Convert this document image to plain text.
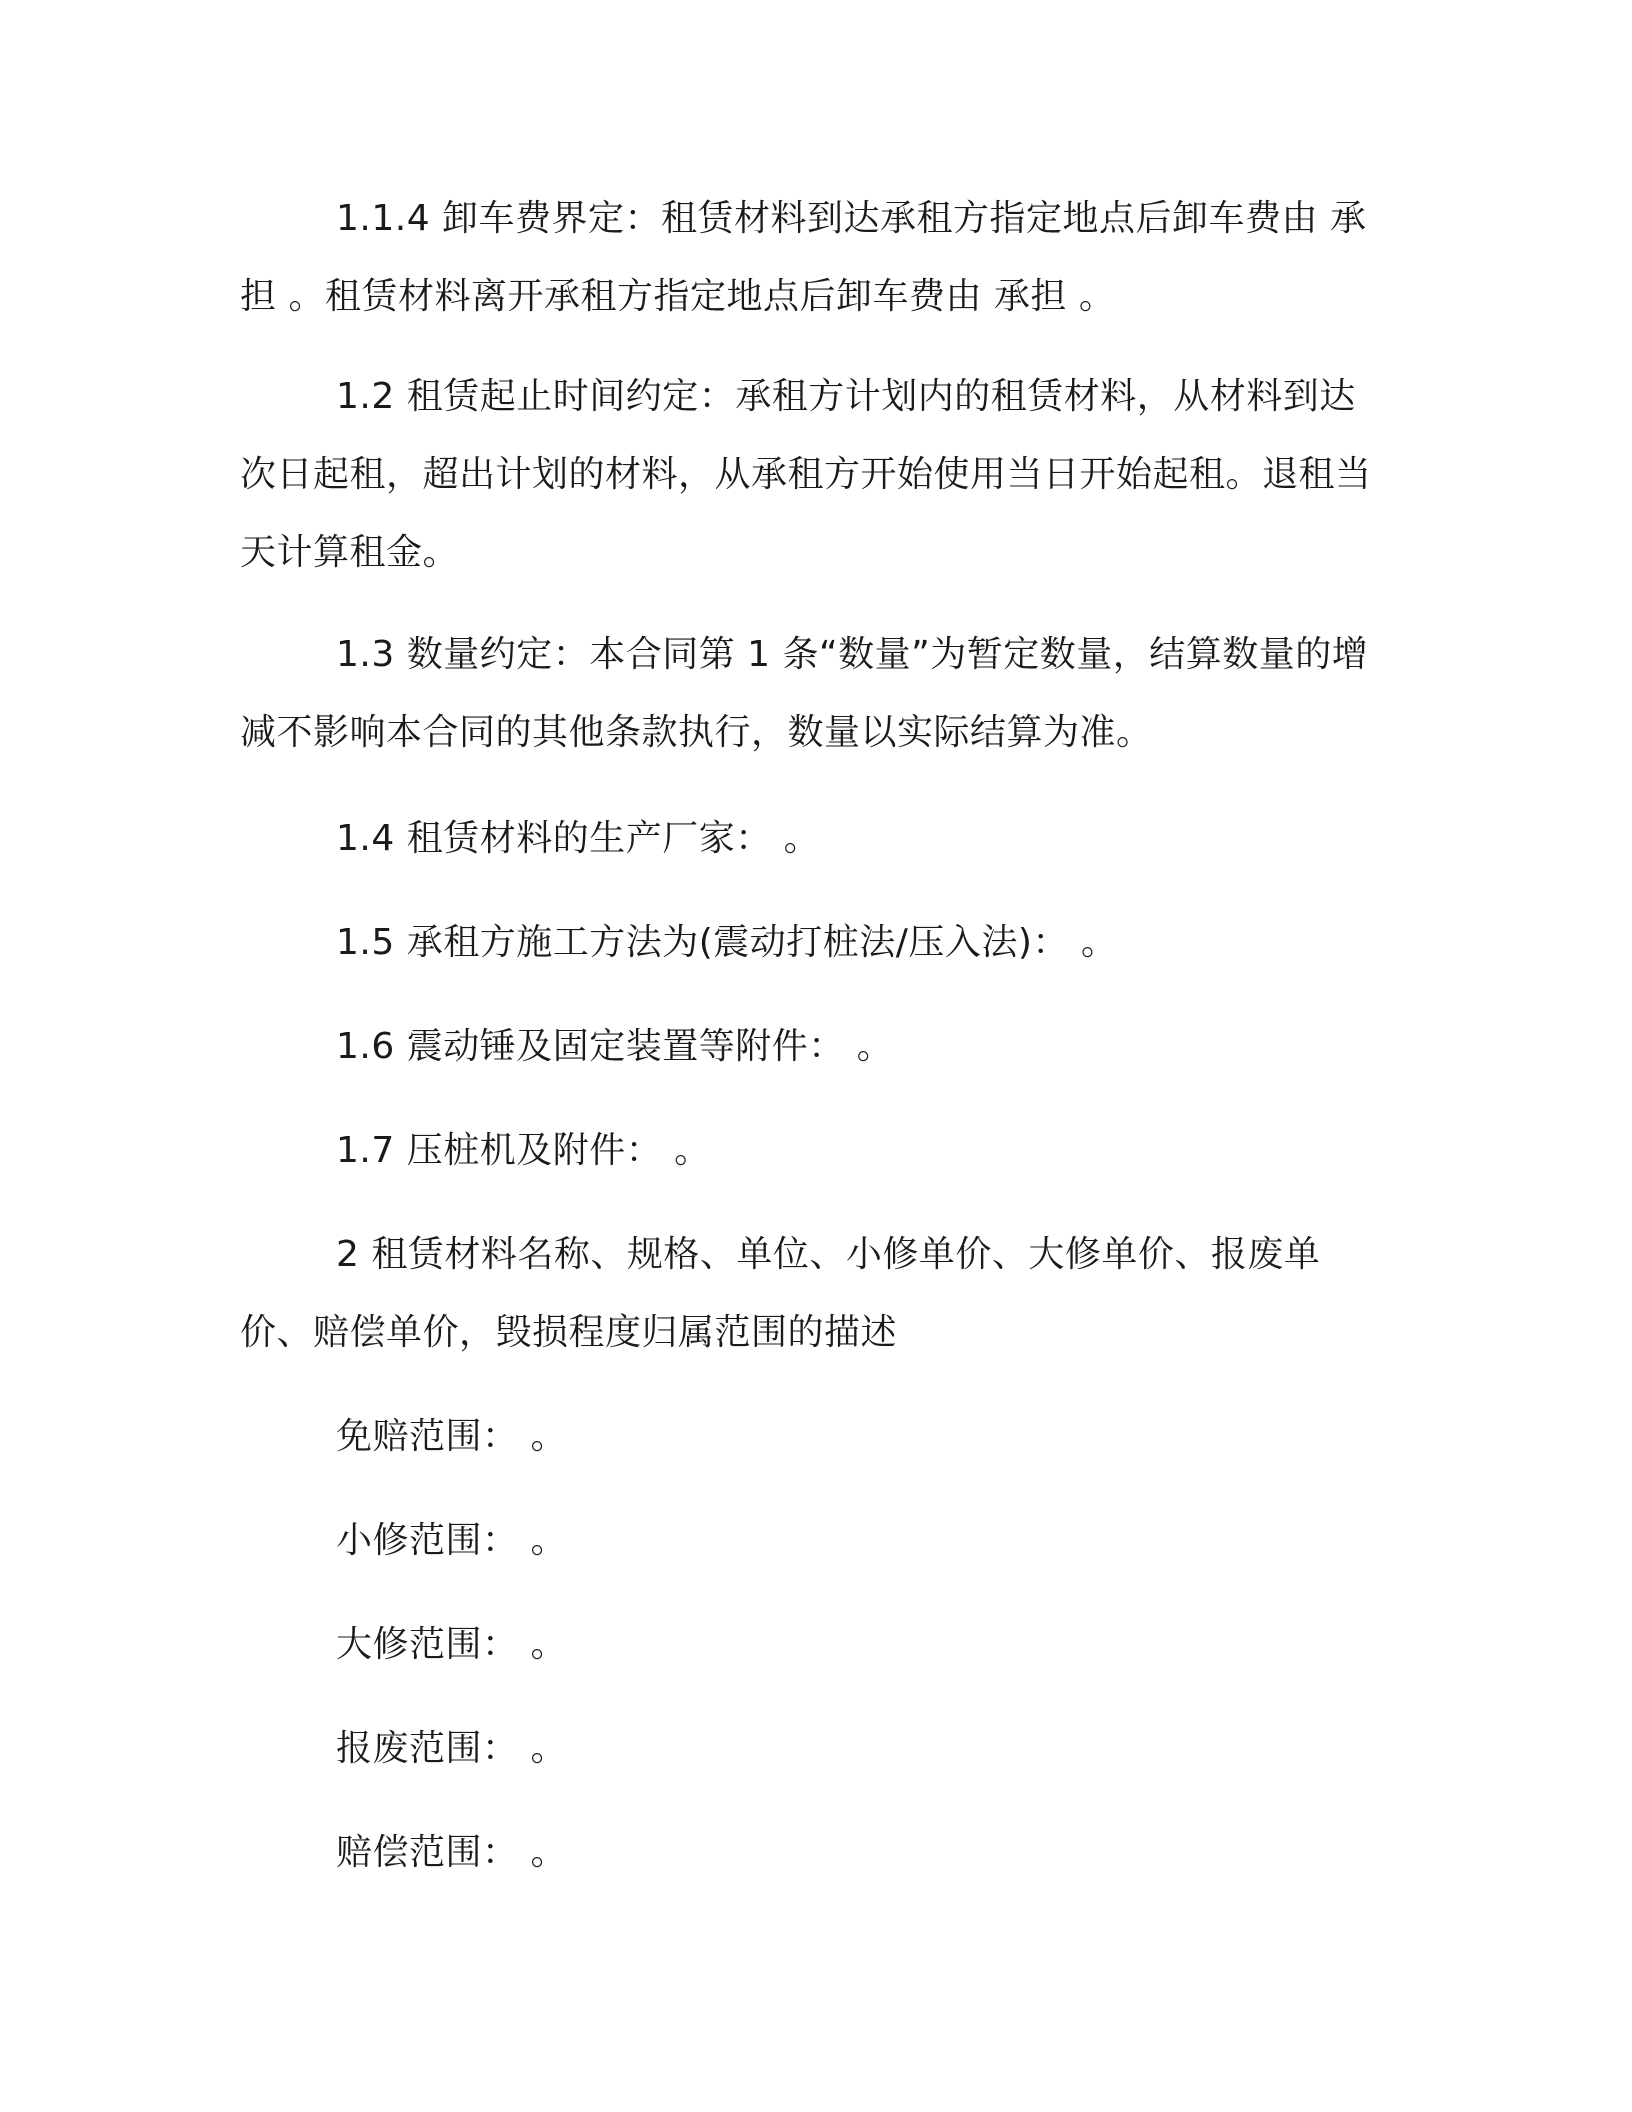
1.1.4 卸车费界定：租赁材料到达承租方指定地点后卸车费由 承担 。租赁材料离开承租方指定地点后卸车费由 承担 。

1.2 租赁起止时间约定：承租方计划内的租赁材料，从材料到达次日起租，超出计划的材料，从承租方开始使用当日开始起租。退租当天计算租金。

1.3 数量约定：本合同第 1 条“数量”为暂定数量，结算数量的增减不影响本合同的其他条款执行，数量以实际结算为准。

1.4 租赁材料的生产厂家： 。

1.5 承租方施工方法为(震动打桩法/压入法)： 。

1.6 震动锤及固定装置等附件： 。

1.7 压桩机及附件： 。

2 租赁材料名称、规格、单位、小修单价、大修单价、报废单价、赔偿单价，毁损程度归属范围的描述

免赔范围： 。

小修范围： 。

大修范围： 。

报废范围： 。

赔偿范围： 。
